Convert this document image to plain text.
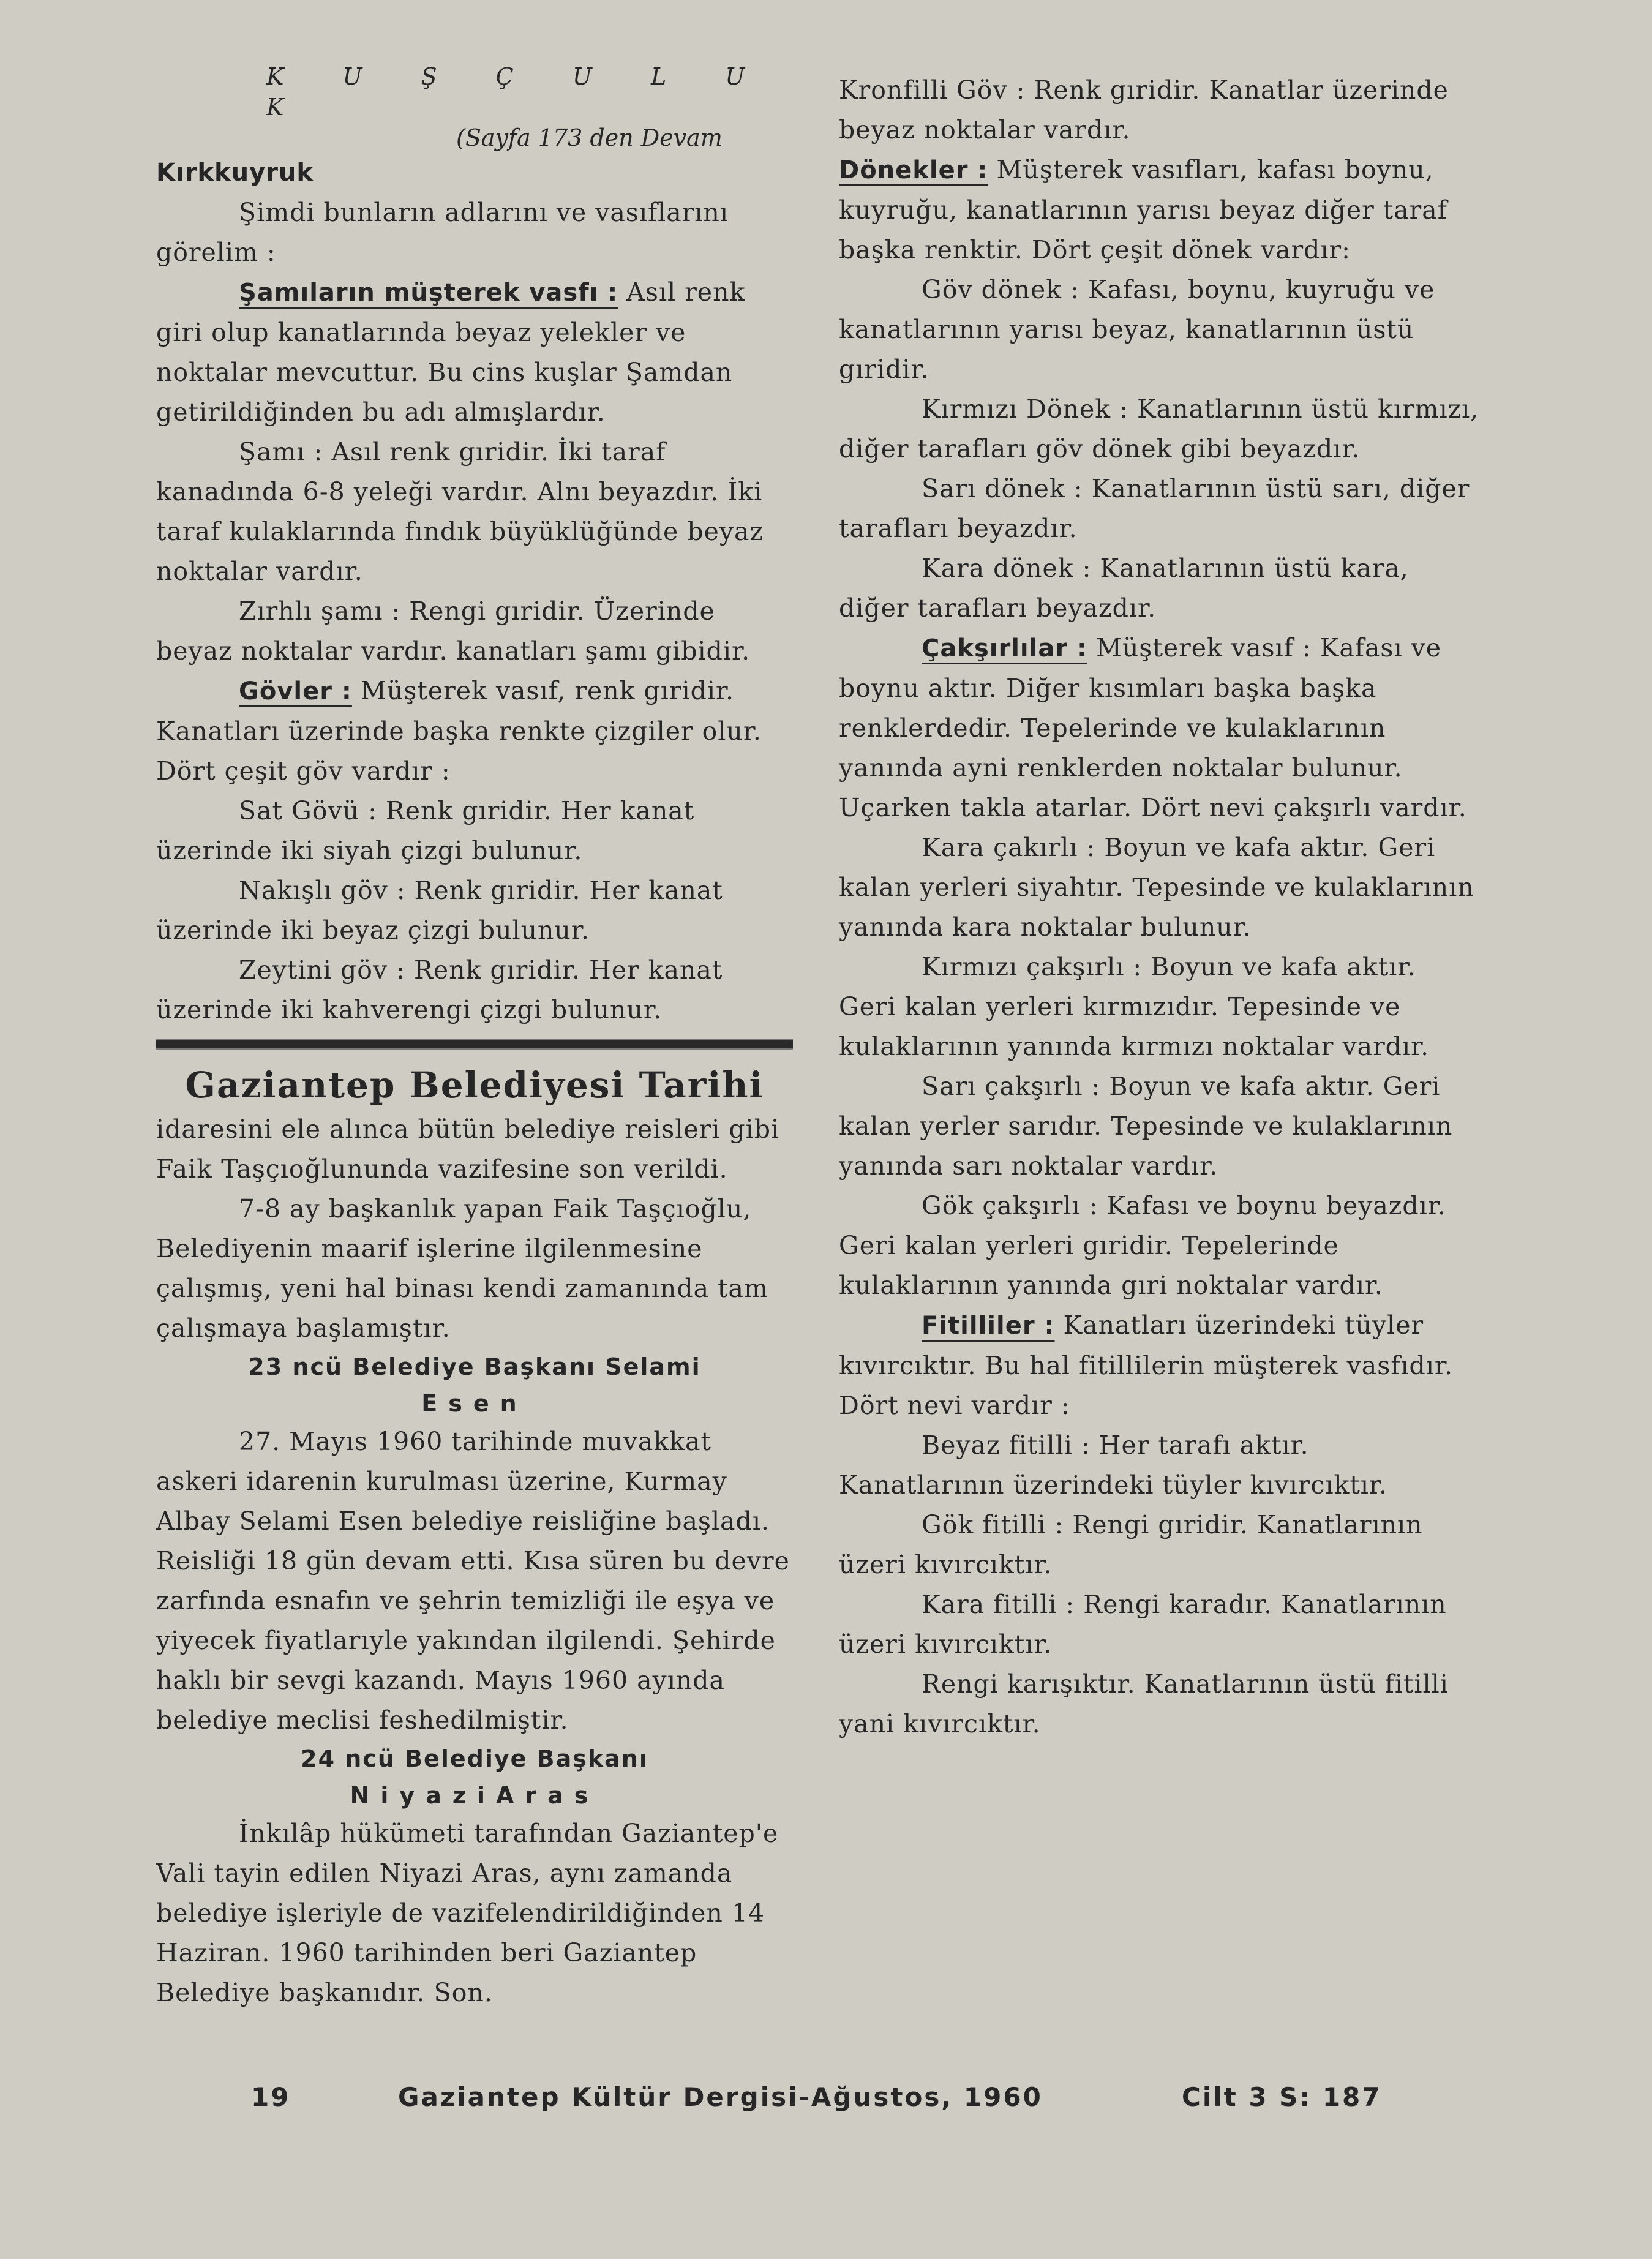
K U Ş Ç U L U K
(Sayfa 173 den Devam

Kırkkuyruk

Şimdi bunların adlarını ve vasıflarını görelim :

Şamıların müşterek vasfı : Asıl renk giri olup kanatlarında beyaz yelekler ve noktalar mevcuttur. Bu cins kuşlar Şamdan getirildiğinden bu adı almışlardır.

Şamı : Asıl renk gıridir. İki taraf kanadında 6-8 yeleği vardır. Alnı beyazdır. İki taraf kulaklarında fındık büyüklüğünde beyaz noktalar vardır.

Zırhlı şamı : Rengi gıridir. Üzerinde beyaz noktalar vardır. kanatları şamı gibidir.

Gövler : Müşterek vasıf, renk gıridir. Kanatları üzerinde başka renkte çizgiler olur. Dört çeşit göv vardır :

Sat Gövü : Renk gıridir. Her kanat üzerinde iki siyah çizgi bulunur.

Nakışlı göv : Renk gıridir. Her kanat üzerinde iki beyaz çizgi bulunur.

Zeytini göv : Renk gıridir. Her kanat üzerinde iki kahverengi çizgi bulunur.

Gaziantep Belediyesi Tarihi

idaresini ele alınca bütün belediye reisleri gibi Faik Taşçıoğlununda vazifesine son verildi.

7-8 ay başkanlık yapan Faik Taşçıoğlu, Belediyenin maarif işlerine ilgilenmesine çalışmış, yeni hal binası kendi zamanında tam çalışmaya başlamıştır.

23 ncü Belediye Başkanı Selami
Esen

27. Mayıs 1960 tarihinde muvakkat askeri idarenin kurulması üzerine, Kurmay Albay Selami Esen belediye reisliğine başladı. Reisliği 18 gün devam etti. Kısa süren bu devre zarfında esnafın ve şehrin temizliği ile eşya ve yiyecek fiyatlarıyle yakından ilgilendi. Şehirde haklı bir sevgi kazandı. Mayıs 1960 ayında belediye meclisi feshedilmiştir.

24 ncü Belediye Başkanı
NiyaziAras

İnkılâp hükümeti tarafından Gaziantep'e Vali tayin edilen Niyazi Aras, aynı zamanda belediye işleriyle de vazifelendirildiğinden 14 Haziran. 1960 tarihinden beri Gaziantep Belediye başkanıdır. Son.

Kronfilli Göv : Renk gıridir. Kanatlar üzerinde beyaz noktalar vardır.

Dönekler : Müşterek vasıfları, kafası boynu, kuyruğu, kanatlarının yarısı beyaz diğer taraf başka renktir. Dört çeşit dönek vardır:

Göv dönek : Kafası, boynu, kuyruğu ve kanatlarının yarısı beyaz, kanatlarının üstü gıridir.

Kırmızı Dönek : Kanatlarının üstü kırmızı, diğer tarafları göv dönek gibi beyazdır.

Sarı dönek : Kanatlarının üstü sarı, diğer tarafları beyazdır.

Kara dönek : Kanatlarının üstü kara, diğer tarafları beyazdır.

Çakşırlılar : Müşterek vasıf : Kafası ve boynu aktır. Diğer kısımları başka başka renklerdedir. Tepelerinde ve kulaklarının yanında ayni renklerden noktalar bulunur. Uçarken takla atarlar. Dört nevi çakşırlı vardır.

Kara çakırlı : Boyun ve kafa aktır. Geri kalan yerleri siyahtır. Tepesinde ve kulaklarının yanında kara noktalar bulunur.

Kırmızı çakşırlı : Boyun ve kafa aktır. Geri kalan yerleri kırmızıdır. Tepesinde ve kulaklarının yanında kırmızı noktalar vardır.

Sarı çakşırlı : Boyun ve kafa aktır. Geri kalan yerler sarıdır. Tepesinde ve kulaklarının yanında sarı noktalar vardır.

Gök çakşırlı : Kafası ve boynu beyazdır. Geri kalan yerleri gıridir. Tepelerinde kulaklarının yanında gıri noktalar vardır.

Fitilliler : Kanatları üzerindeki tüyler kıvırcıktır. Bu hal fitillilerin müşterek vasfıdır. Dört nevi vardır :

Beyaz fitilli : Her tarafı aktır. Kanatlarının üzerindeki tüyler kıvırcıktır.

Gök fitilli : Rengi gıridir. Kanatlarının üzeri kıvırcıktır.

Kara fitilli : Rengi karadır. Kanatlarının üzeri kıvırcıktır.

Rengi karışıktır. Kanatlarının üstü fitilli yani kıvırcıktır.

19	Gaziantep Kültür Dergisi-Ağustos, 1960	Cilt 3 S: 187
